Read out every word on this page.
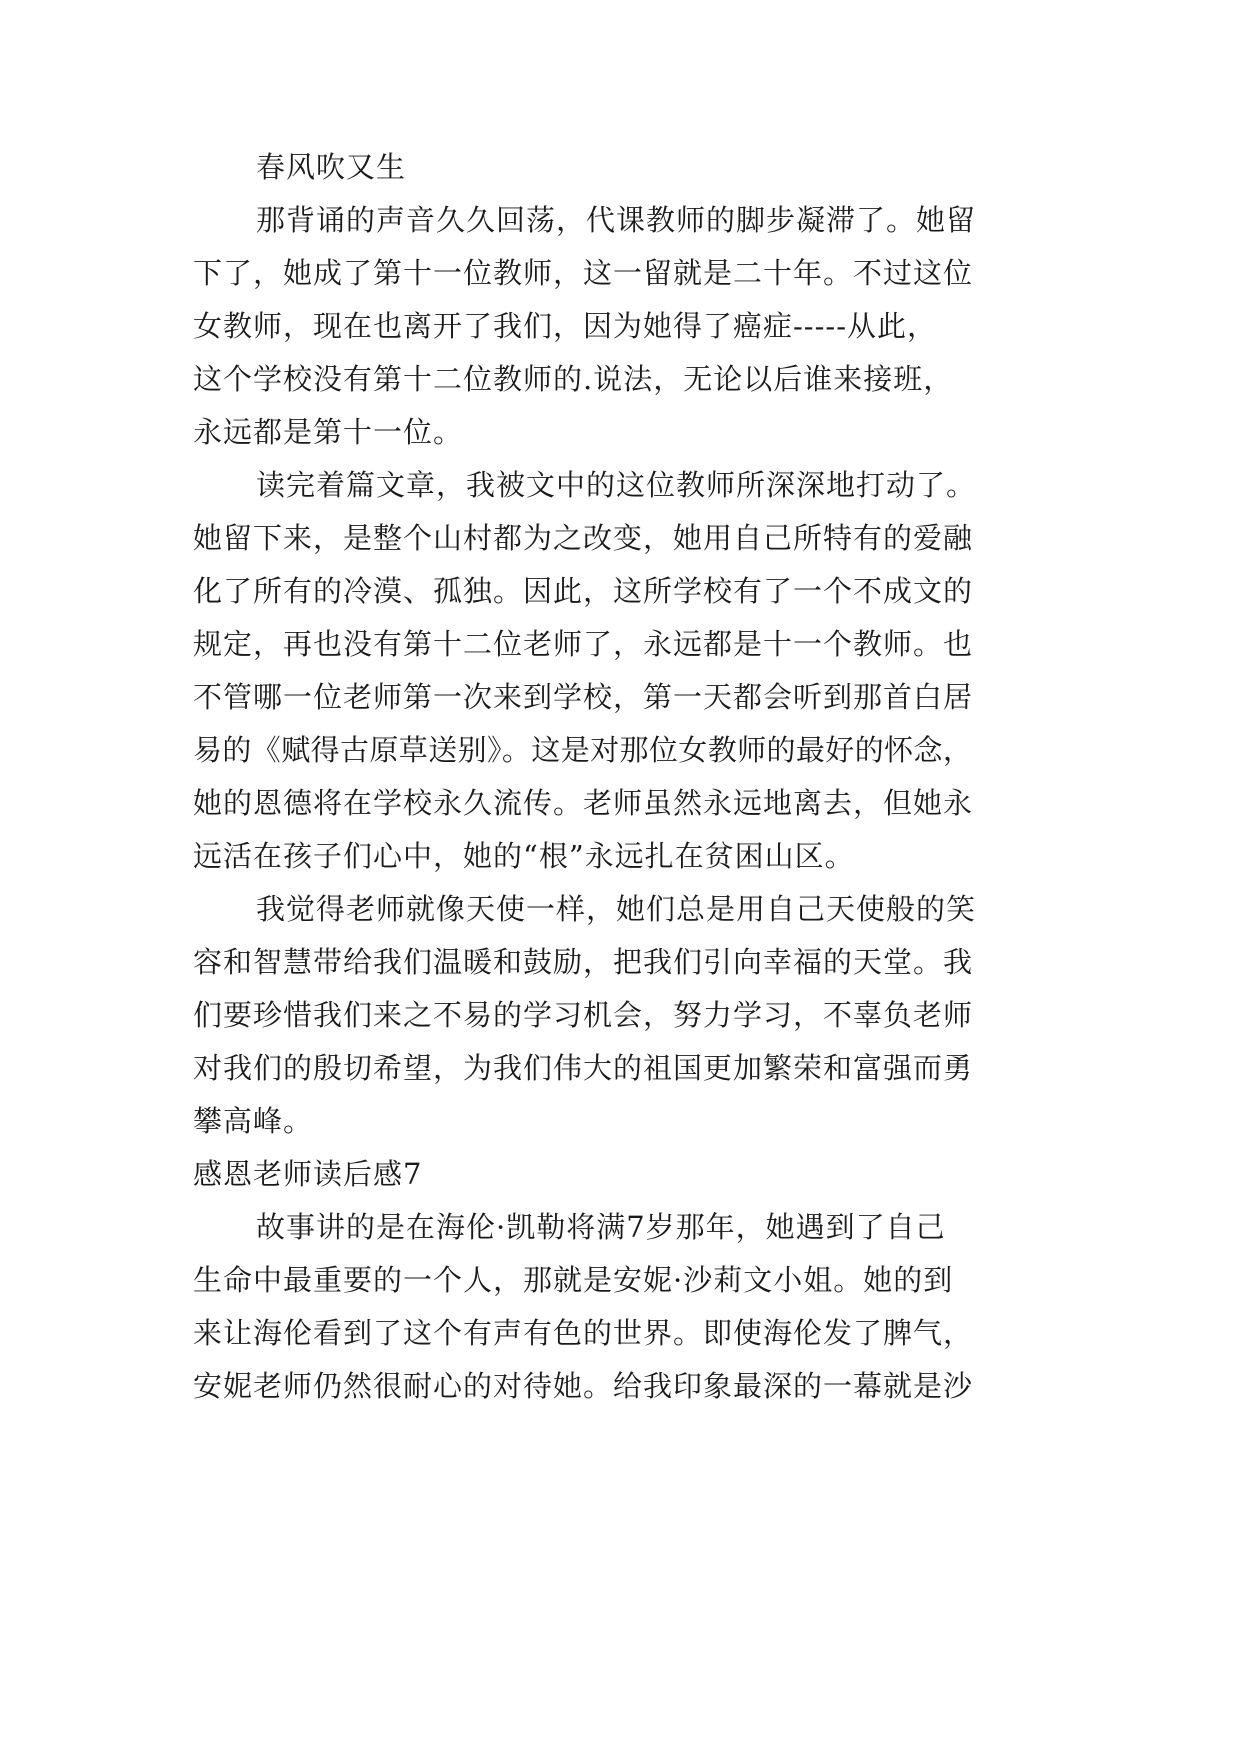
春风吹又生

那背诵的声音久久回荡，代课教师的脚步凝滞了。她留

下了，她成了第十一位教师，这一留就是二十年。不过这位

女教师，现在也离开了我们，因为她得了癌症-----从此，

这个学校没有第十二位教师的.说法，无论以后谁来接班，

永远都是第十一位。

读完着篇文章，我被文中的这位教师所深深地打动了。

她留下来，是整个山村都为之改变，她用自己所特有的爱融

化了所有的冷漠、孤独。因此，这所学校有了一个不成文的

规定，再也没有第十二位老师了，永远都是十一个教师。也

不管哪一位老师第一次来到学校，第一天都会听到那首白居

易的《赋得古原草送别》。这是对那位女教师的最好的怀念，

她的恩德将在学校永久流传。老师虽然永远地离去，但她永

远活在孩子们心中，她的“根”永远扎在贫困山区。

我觉得老师就像天使一样，她们总是用自己天使般的笑

容和智慧带给我们温暖和鼓励，把我们引向幸福的天堂。我

们要珍惜我们来之不易的学习机会，努力学习，不辜负老师

对我们的殷切希望，为我们伟大的祖国更加繁荣和富强而勇

攀高峰。

感恩老师读后感7

故事讲的是在海伦·凯勒将满7岁那年，她遇到了自己

生命中最重要的一个人，那就是安妮·沙莉文小姐。她的到

来让海伦看到了这个有声有色的世界。即使海伦发了脾气，

安妮老师仍然很耐心的对待她。给我印象最深的一幕就是沙
